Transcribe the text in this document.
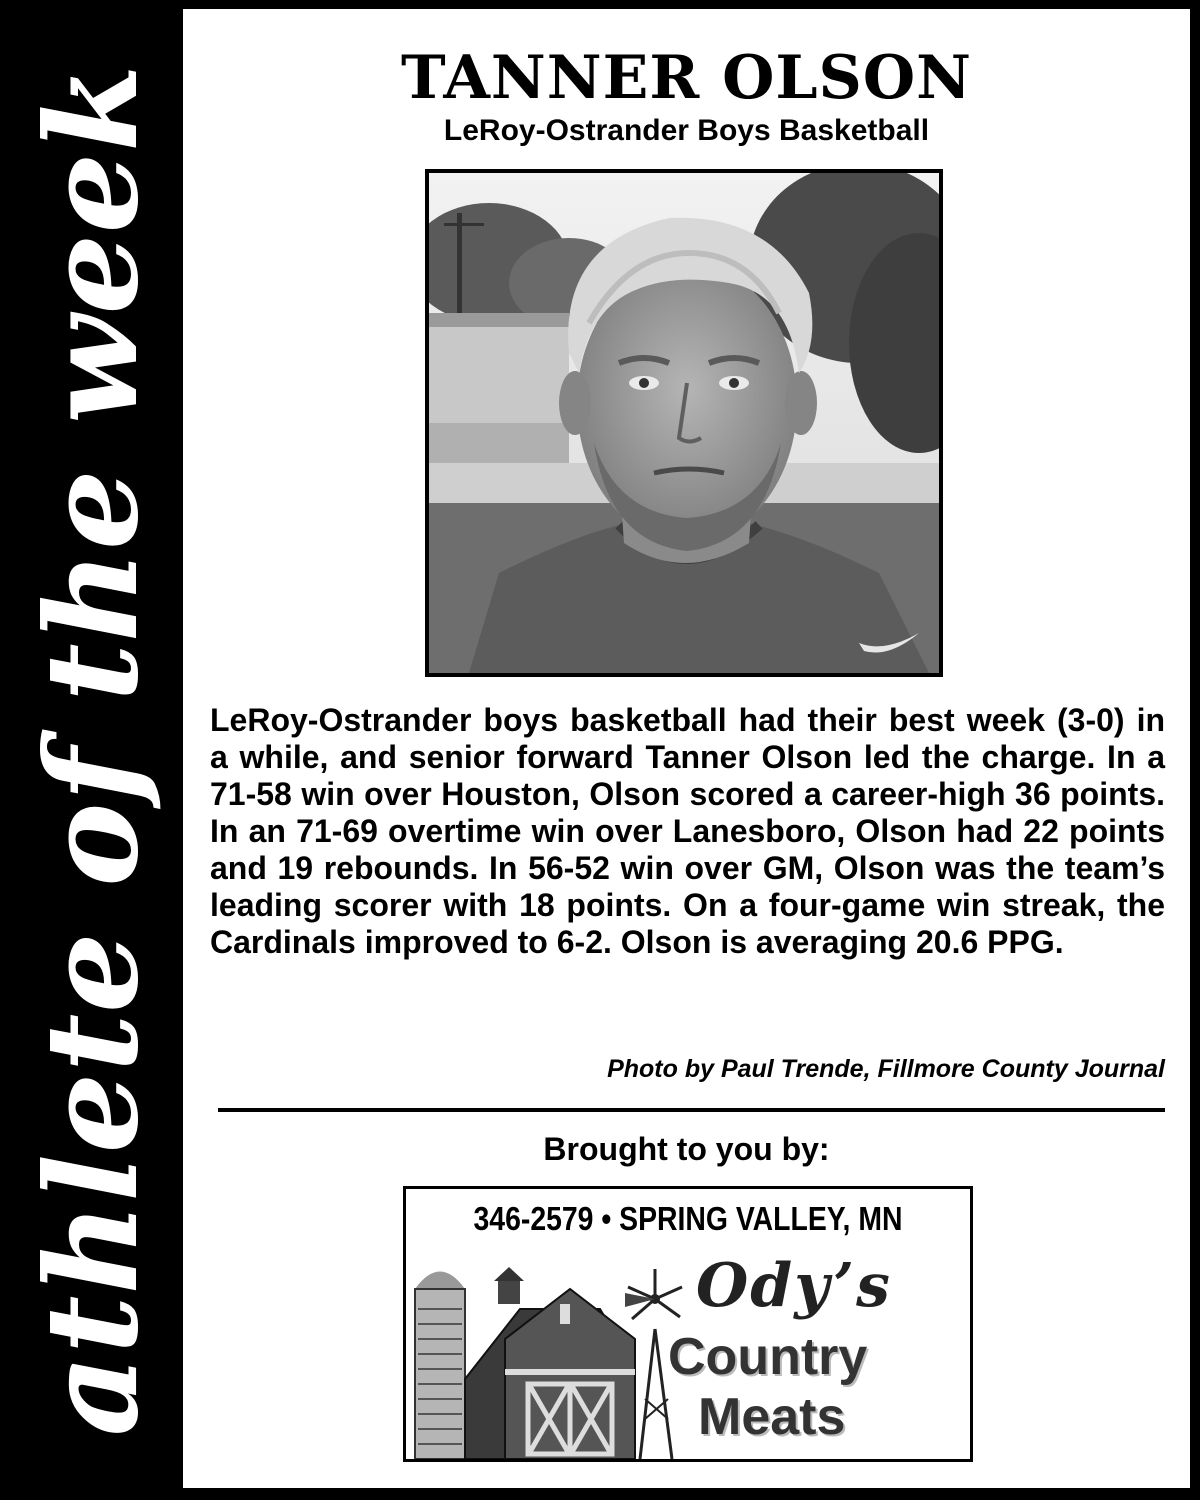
athlete of the week	TANNER OLSON
LeRoy-Ostrander Boys Basketball

LeRoy-Ostrander boys basketball had their best week (3-0) in a while, and senior forward Tanner Olson led the charge. In a 71-58 win over Houston, Olson scored a career-high 36 points. In an 71-69 overtime win over Lanesboro, Olson had 22 points and 19 rebounds. In 56-52 win over GM, Olson was the team’s leading scorer with 18 points. On a four-game win streak, the Cardinals improved to 6-2. Olson is averaging 20.6 PPG.

Photo by Paul Trende, Fillmore County Journal
Brought to you by:
346-2579 • SPRING VALLEY, MN
Ody’s
Country
Meats
